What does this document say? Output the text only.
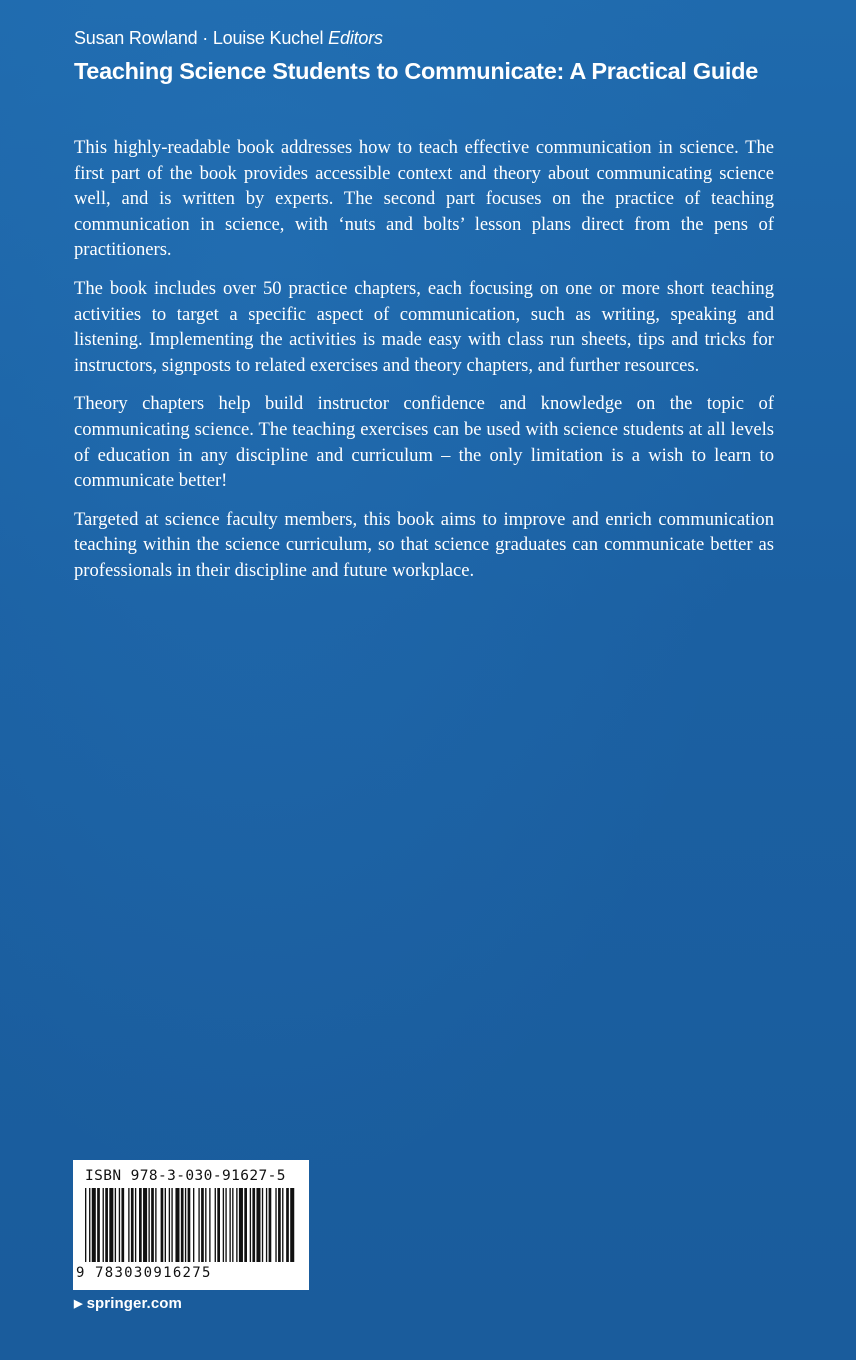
Susan Rowland · Louise Kuchel Editors
Teaching Science Students to Communicate: A Practical Guide

This highly-readable book addresses how to teach effective communication in science. The first part of the book provides accessible context and theory about communicating science well, and is written by experts. The second part focuses on the practice of teaching communication in science, with ‘nuts and bolts’ lesson plans direct from the pens of practitioners.

The book includes over 50 practice chapters, each focusing on one or more short teaching activities to target a specific aspect of communication, such as writing, speaking and listening. Implementing the activities is made easy with class run sheets, tips and tricks for instructors, signposts to related exercises and theory chapters, and further resources.

Theory chapters help build instructor confidence and knowledge on the topic of communicating science. The teaching exercises can be used with science students at all levels of education in any discipline and curriculum – the only limitation is a wish to learn to communicate better!

Targeted at science faculty members, this book aims to improve and enrich communication teaching within the science curriculum, so that science graduates can communicate better as professionals in their discipline and future workplace.

ISBN 978-3-030-91627-5
9 783030916275
▶ springer.com
